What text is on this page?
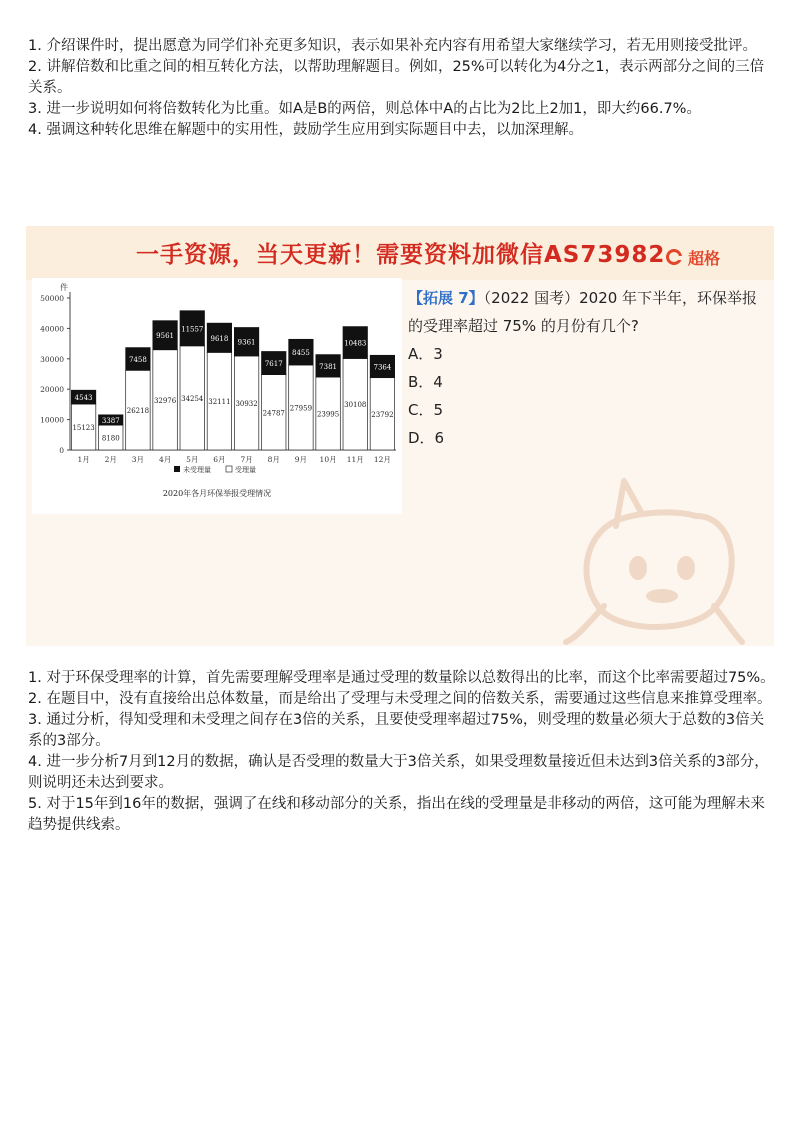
1. 介绍课件时，提出愿意为同学们补充更多知识，表示如果补充内容有用希望大家继续学习，若无用则接受批评。

2. 讲解倍数和比重之间的相互转化方法，以帮助理解题目。例如，25%可以转化为4分之1，表示两部分之间的三倍关系。

3. 进一步说明如何将倍数转化为比重。如A是B的两倍，则总体中A的占比为2比上2加1，即大约66.7%。

4. 强调这种转化思维在解题中的实用性，鼓励学生应用到实际题目中去，以加深理解。

一手资源，当天更新！需要资料加微信AS73982 超格
件
0
10000
20000
30000
40000
50000
4543
15123
1月
3387
8180
2月
7458
26218
3月
9561
32976
4月
11557
34254
5月
9618
32111
6月
9361
30932
7月
7617
24787
8月
8455
27959
9月
7381
23995
10月
10483
30108
11月
7364
23792
12月
未受理量	受理量
2020年各月环保举报受理情况

【拓展 7】（2022 国考）2020 年下半年，环保举报的受理率超过 75% 的月份有几个?

A．3
B．4
C．5
D．6

1. 对于环保受理率的计算，首先需要理解受理率是通过受理的数量除以总数得出的比率，而这个比率需要超过75%。

2. 在题目中，没有直接给出总体数量，而是给出了受理与未受理之间的倍数关系，需要通过这些信息来推算受理率。

3. 通过分析，得知受理和未受理之间存在3倍的关系，且要使受理率超过75%，则受理的数量必须大于总数的3倍关系的3部分。

4. 进一步分析7月到12月的数据，确认是否受理的数量大于3倍关系，如果受理数量接近但未达到3倍关系的3部分，则说明还未达到要求。

5. 对于15年到16年的数据，强调了在线和移动部分的关系，指出在线的受理量是非移动的两倍，这可能为理解未来趋势提供线索。
